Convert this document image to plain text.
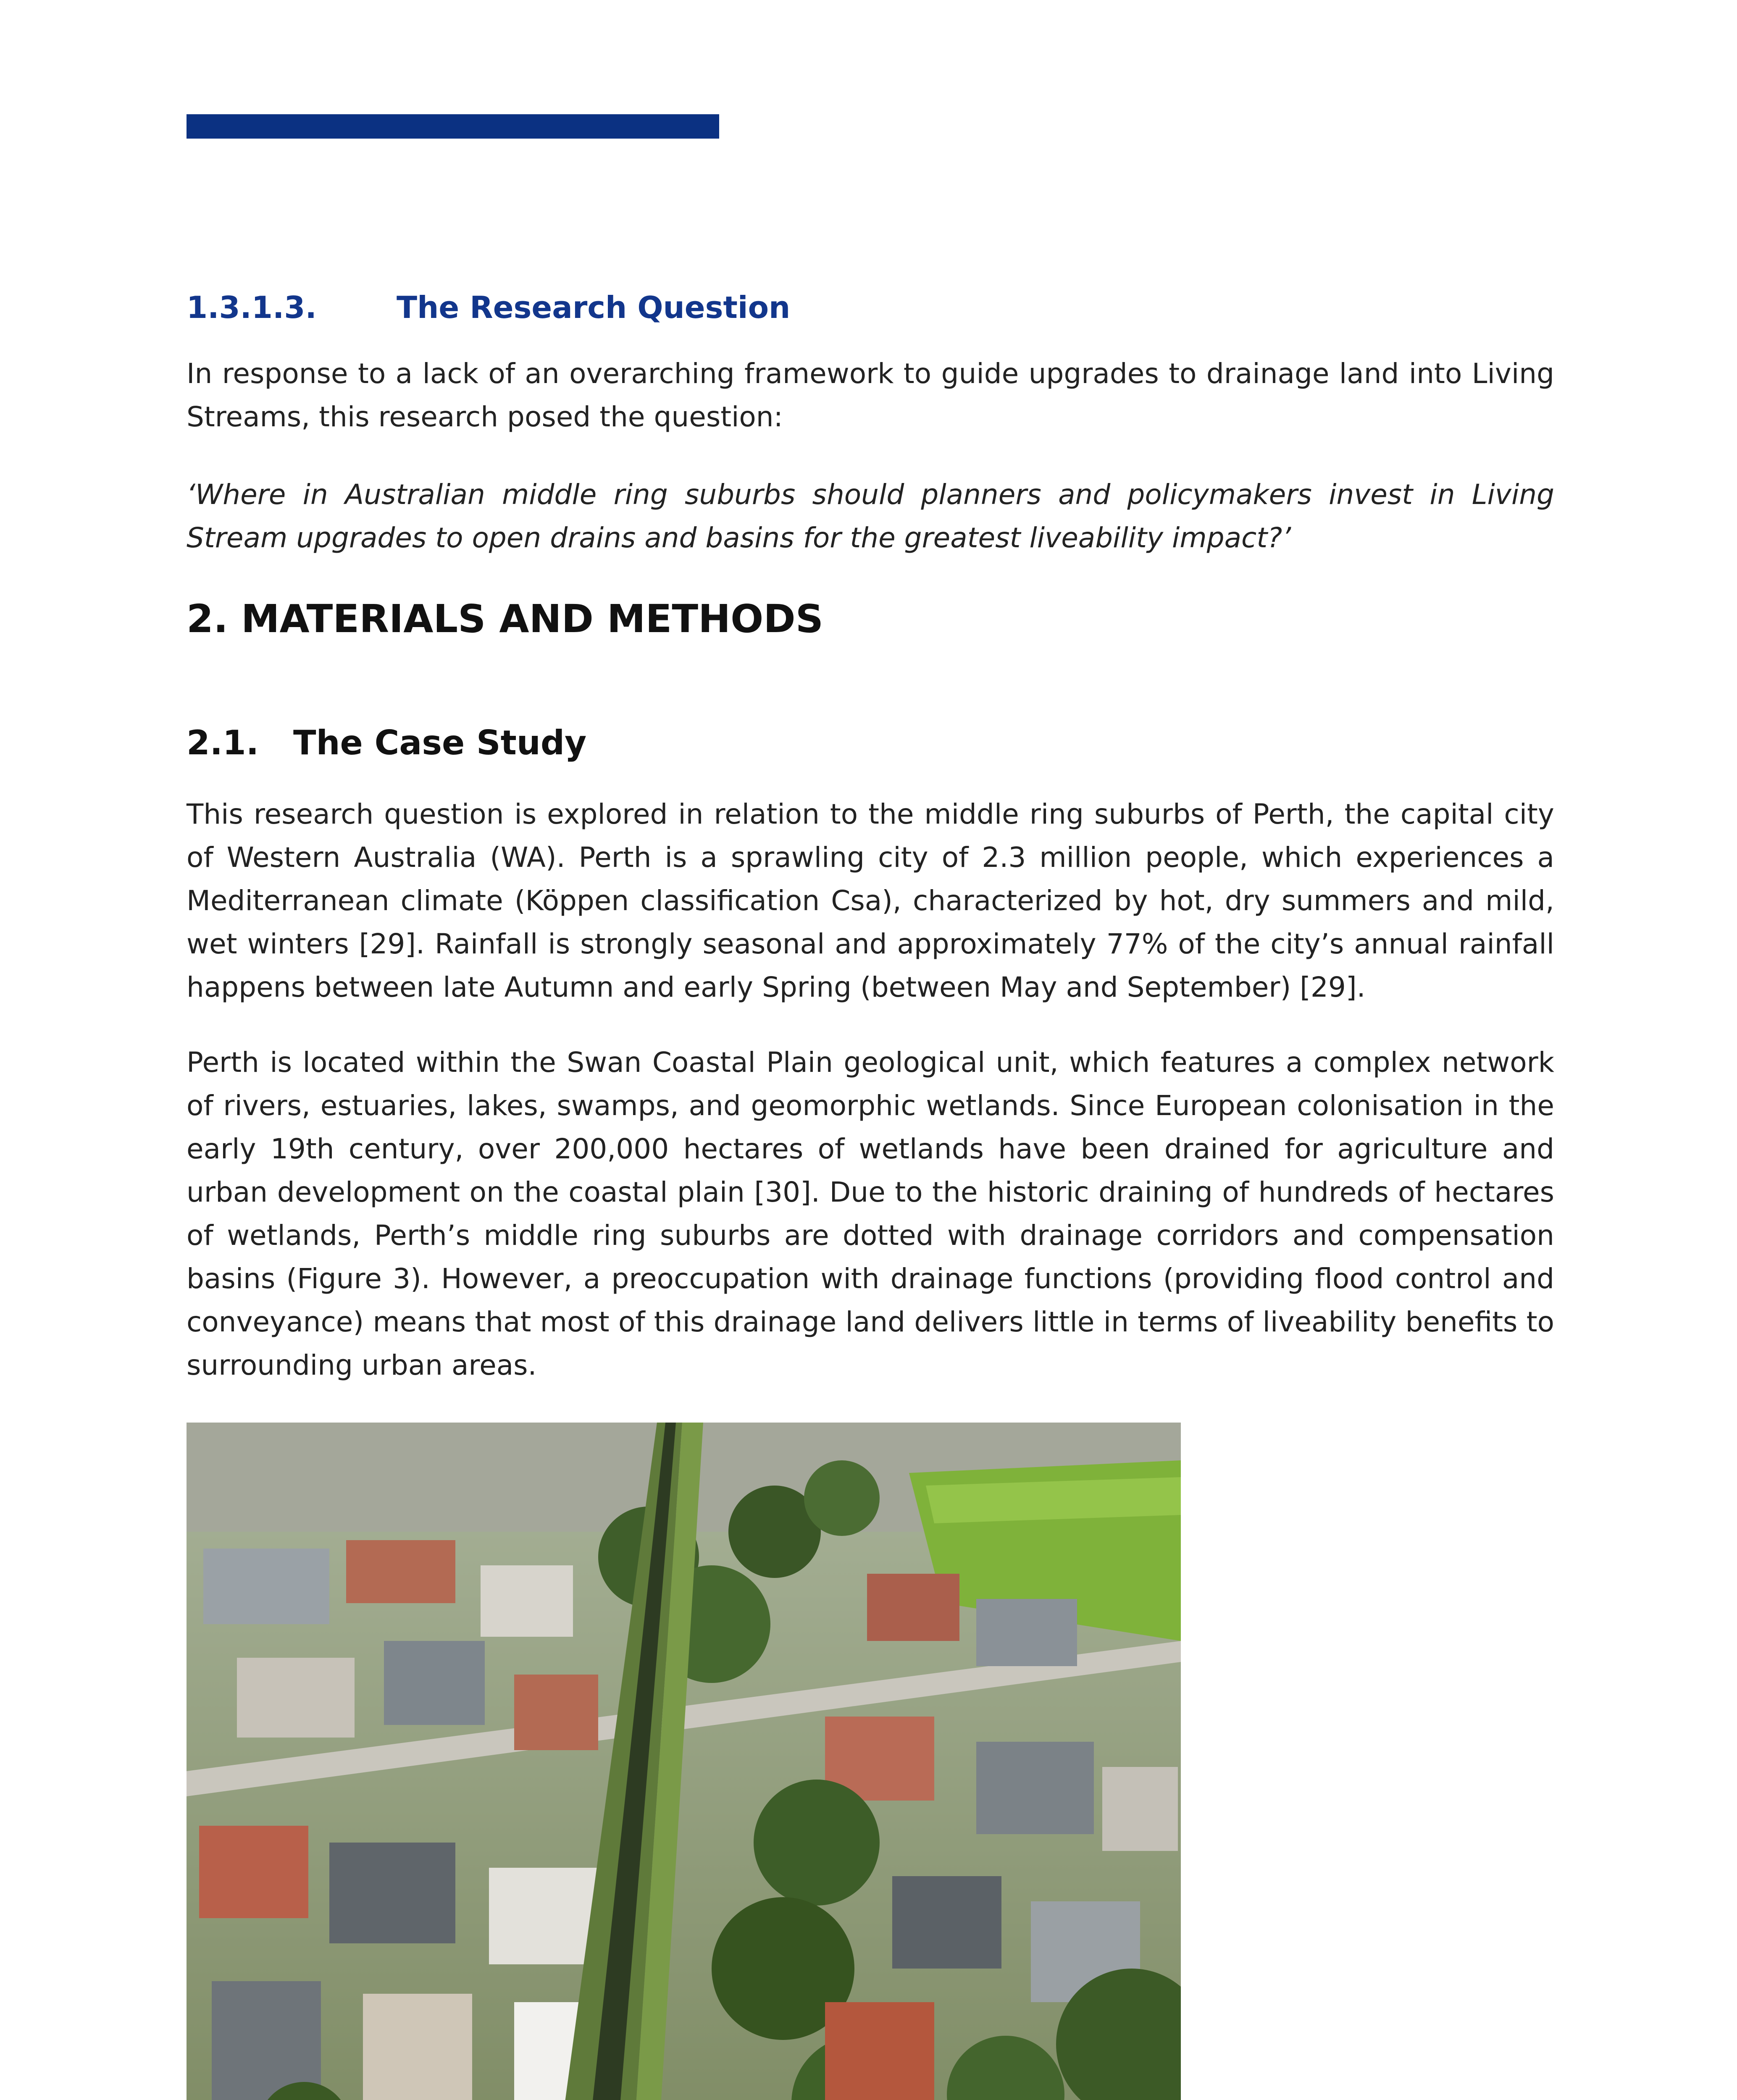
1.3.1.3.	The Research Question
In response to a lack of an overarching framework to guide upgrades to drainage land into Living Streams, this research posed the question:
‘Where in Australian middle ring suburbs should planners and policymakers invest in Living Stream upgrades to open drains and basins for the greatest liveability impact?’
2. MATERIALS AND METHODS
2.1. The Case Study
This research question is explored in relation to the middle ring suburbs of Perth, the capital city of Western Australia (WA). Perth is a sprawling city of 2.3 million people, which experiences a Mediterranean climate (Köppen classification Csa), characterized by hot, dry summers and mild, wet winters [29]. Rainfall is strongly seasonal and approximately 77% of the city’s annual rainfall happens between late Autumn and early Spring (between May and September) [29].
Perth is located within the Swan Coastal Plain geological unit, which features a complex network of rivers, estuaries, lakes, swamps, and geomorphic wetlands. Since European colonisation in the early 19th century, over 200,000 hectares of wetlands have been drained for agriculture and urban development on the coastal plain [30]. Due to the historic draining of hundreds of hectares of wetlands, Perth’s middle ring suburbs are dotted with drainage corridors and compensation basins (Figure 3). However, a preoccupation with drainage functions (providing flood control and conveyance) means that most of this drainage land delivers little in terms of liveability benefits to surrounding urban areas.
